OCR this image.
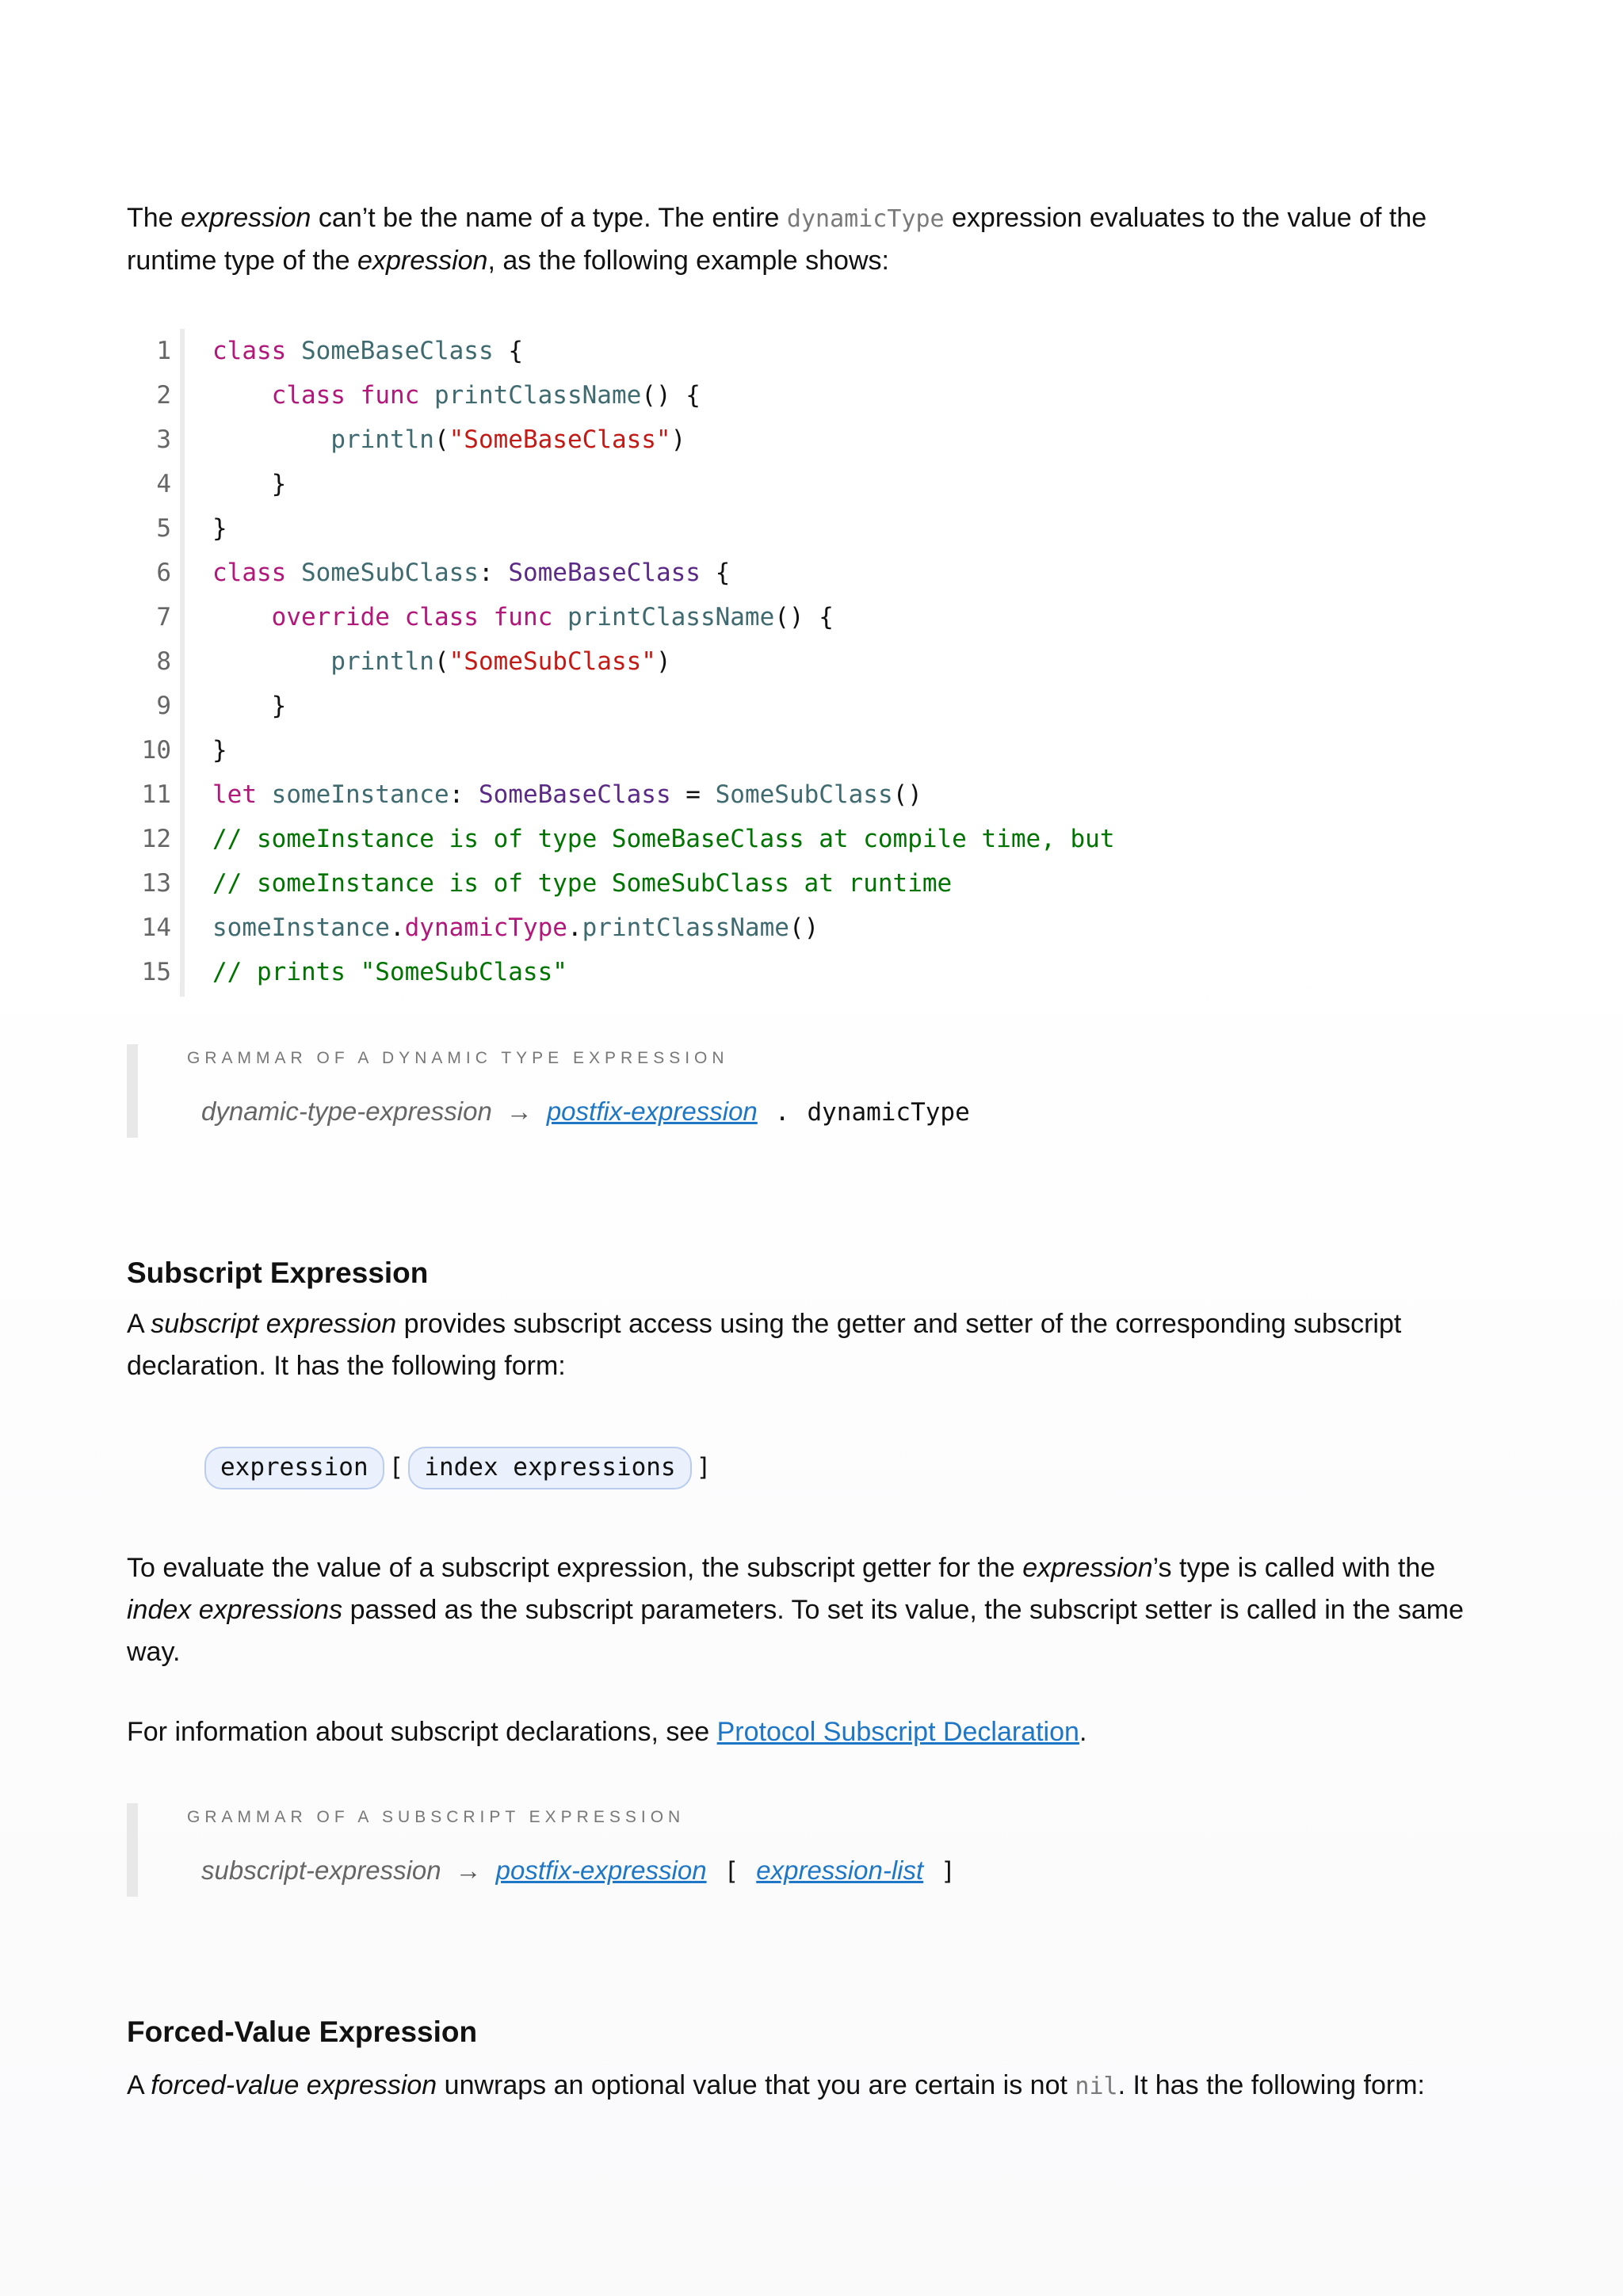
The expression can’t be the name of a type. The entire dynamicType expression evaluates to the value of the runtime type of the expression, as the following example shows:

1 class SomeBaseClass {
2	class func printClassName() {
3	println("SomeBaseClass")
4	}
5 }
6 class SomeSubClass: SomeBaseClass {
7	override class func printClassName() {
8	println("SomeSubClass")
9	}
10 }
11 let someInstance: SomeBaseClass = SomeSubClass()
12 // someInstance is of type SomeBaseClass at compile time, but
13 // someInstance is of type SomeSubClass at runtime
14 someInstance.dynamicType.printClassName()
15 // prints "SomeSubClass"
GRAMMAR OF A DYNAMIC TYPE EXPRESSION
dynamic-type-expression → postfix-expression . dynamicType
Subscript Expression

A subscript expression provides subscript access using the getter and setter of the corresponding subscript declaration. It has the following form:

expression [ index expressions ]

To evaluate the value of a subscript expression, the subscript getter for the expression’s type is called with the index expressions passed as the subscript parameters. To set its value, the subscript setter is called in the same way.

For information about subscript declarations, see Protocol Subscript Declaration.

GRAMMAR OF A SUBSCRIPT EXPRESSION
subscript-expression → postfix-expression [ expression-list ]
Forced-Value Expression

A forced-value expression unwraps an optional value that you are certain is not nil. It has the following form:
